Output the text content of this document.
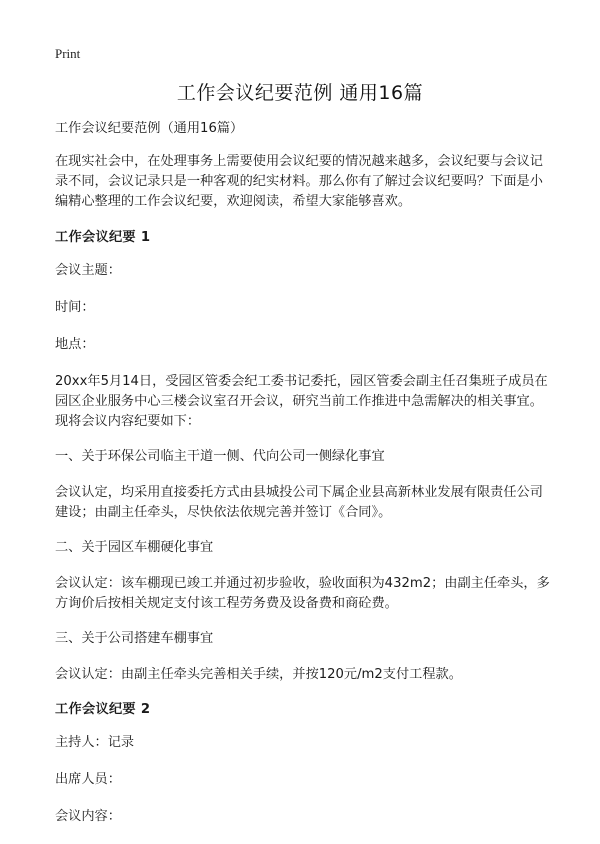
Print
工作会议纪要范例 通用16篇

工作会议纪要范例（通用16篇）

在现实社会中，在处理事务上需要使用会议纪要的情况越来越多，会议纪要与会议记录不同，会议记录只是一种客观的纪实材料。那么你有了解过会议纪要吗？下面是小编精心整理的工作会议纪要，欢迎阅读，希望大家能够喜欢。

工作会议纪要 1

会议主题：

时间：

地点：

20xx年5月14日，受园区管委会纪工委书记委托，园区管委会副主任召集班子成员在园区企业服务中心三楼会议室召开会议，研究当前工作推进中急需解决的相关事宜。现将会议内容纪要如下：

一、关于环保公司临主干道一侧、代向公司一侧绿化事宜

会议认定，均采用直接委托方式由县城投公司下属企业县高新林业发展有限责任公司建设；由副主任牵头，尽快依法依规完善并签订《合同》。

二、关于园区车棚硬化事宜

会议认定：该车棚现已竣工并通过初步验收，验收面积为432m2；由副主任牵头，多方询价后按相关规定支付该工程劳务费及设备费和商砼费。

三、关于公司搭建车棚事宜

会议认定：由副主任牵头完善相关手续，并按120元/m2支付工程款。

工作会议纪要 2

主持人：记录

出席人员：

会议内容：
